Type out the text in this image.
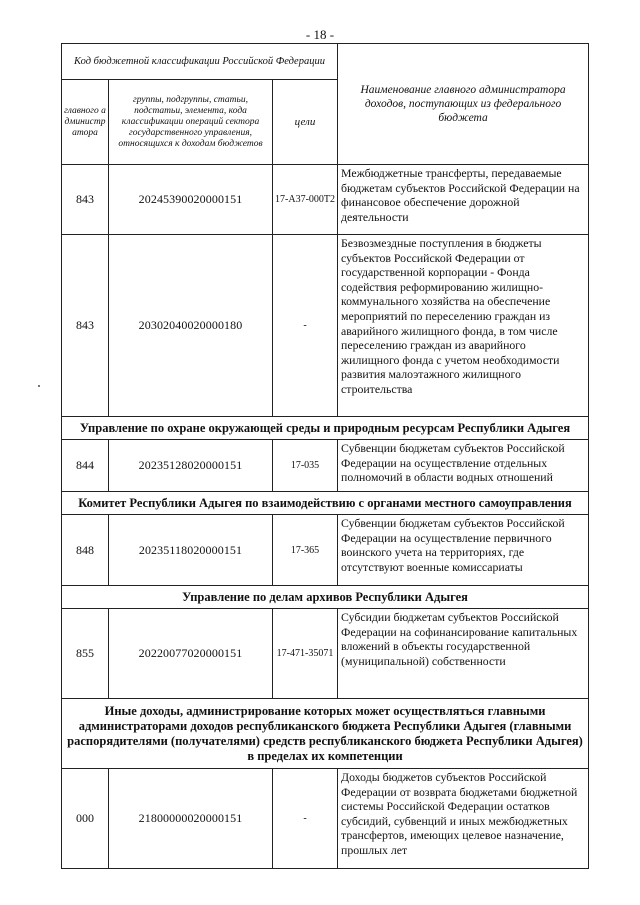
- 18 -
Код бюджетной классификации Российской Федерации			Наименование главного администратора доходов, поступающих из федерального бюджета

главного администратора	группы, подгруппы, статьи, подстатьи, элемента, кода классификации операций сектора государственного управления, относящихся к доходам бюджетов	цели	
843	20245390020000151	17-А37-000Т2	Межбюджетные трансферты, передаваемые бюджетам субъектов Российской Федерации на финансовое обеспечение дорожной деятельности
843	20302040020000180	-	Безвозмездные поступления в бюджеты субъектов Российской Федерации от государственной корпорации - Фонда содействия реформированию жилищно-коммунального хозяйства на обеспечение мероприятий по переселению граждан из аварийного жилищного фонда, в том числе переселению граждан из аварийного жилищного фонда с учетом необходимости развития малоэтажного жилищного строительства
Управление по охране окружающей среды и природным ресурсам Республики Адыгея			
844	20235128020000151	17-035	Субвенции бюджетам субъектов Российской Федерации на осуществление отдельных полномочий в области водных отношений
Комитет Республики Адыгея по взаимодействию с органами местного самоуправления			
848	20235118020000151	17-365	Субвенции бюджетам субъектов Российской Федерации на осуществление первичного воинского учета на территориях, где отсутствуют военные комиссариаты
Управление по делам архивов Республики Адыгея			
855	20220077020000151	17-471-35071	Субсидии бюджетам субъектов Российской Федерации на софинансирование капитальных вложений в объекты государственной (муниципальной) собственности
Иные доходы, администрирование которых может осуществляться главными администраторами доходов республиканского бюджета Республики Адыгея (главными распорядителями (получателями) средств республиканского бюджета Республики Адыгея) в пределах их компетенции			
000	21800000020000151	-	Доходы бюджетов субъектов Российской Федерации от возврата бюджетами бюджетной системы Российской Федерации остатков субсидий, субвенций и иных межбюджетных трансфертов, имеющих целевое назначение, прошлых лет
